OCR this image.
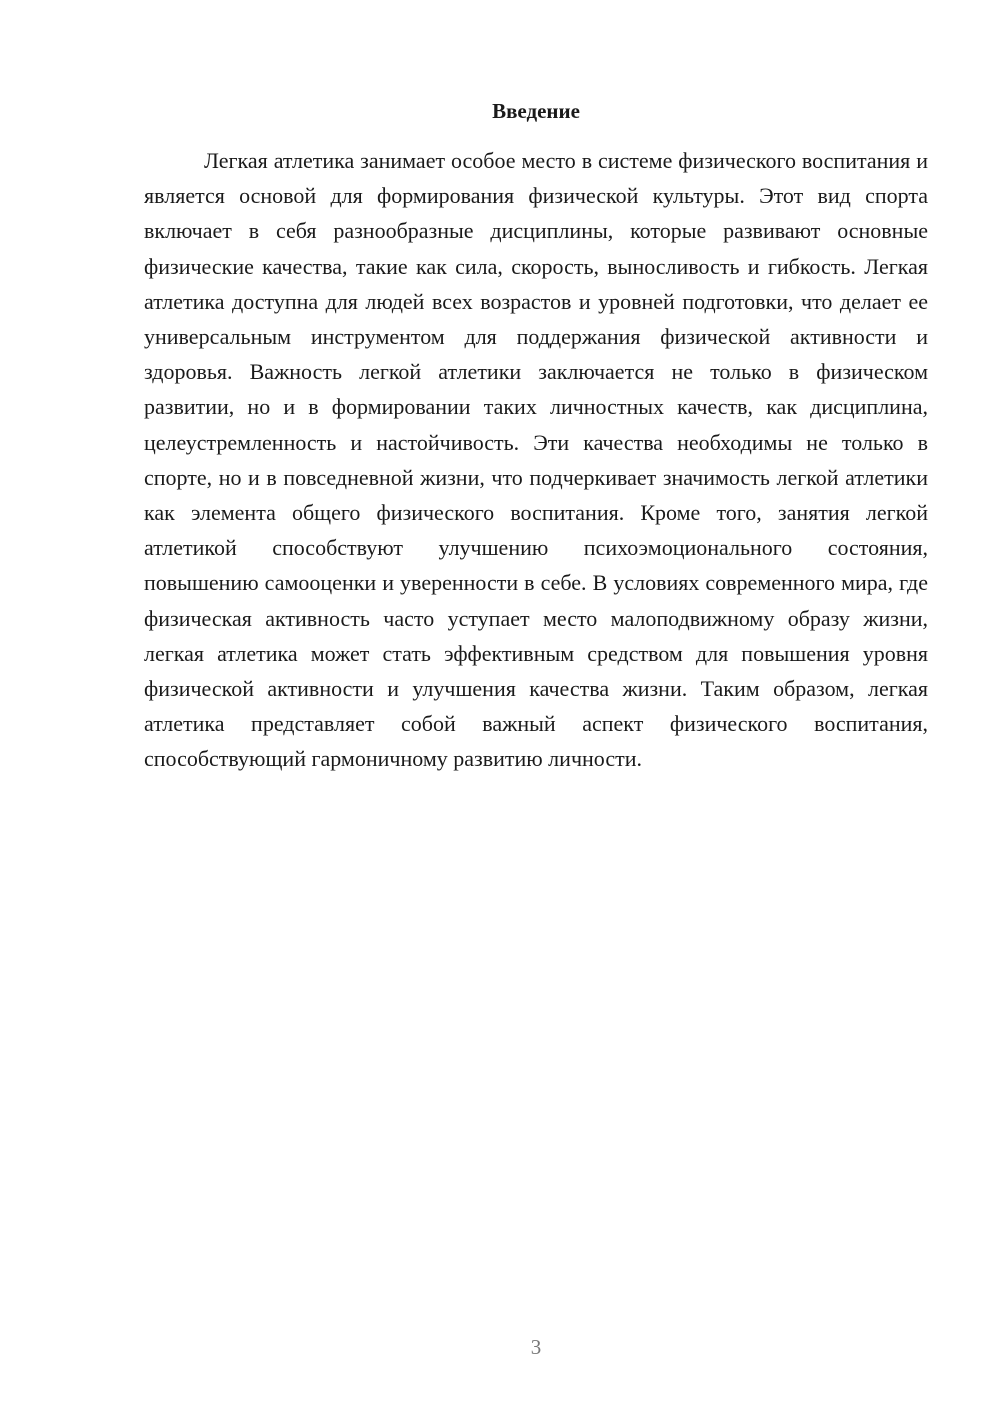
Введение

Легкая атлетика занимает особое место в системе физического воспитания и является основой для формирования физической культуры. Этот вид спорта включает в себя разнообразные дисциплины, которые развивают основные физические качества, такие как сила, скорость, выносливость и гибкость. Легкая атлетика доступна для людей всех возрастов и уровней подготовки, что делает ее универсальным инструментом для поддержания физической активности и здоровья. Важность легкой атлетики заключается не только в физическом развитии, но и в формировании таких личностных качеств, как дисциплина, целеустремленность и настойчивость. Эти качества необходимы не только в спорте, но и в повседневной жизни, что подчеркивает значимость легкой атлетики как элемента общего физического воспитания. Кроме того, занятия легкой атлетикой способствуют улучшению психоэмоционального состояния, повышению самооценки и уверенности в себе. В условиях современного мира, где физическая активность часто уступает место малоподвижному образу жизни, легкая атлетика может стать эффективным средством для повышения уровня физической активности и улучшения качества жизни. Таким образом, легкая атлетика представляет собой важный аспект физического воспитания, способствующий гармоничному развитию личности.

3
